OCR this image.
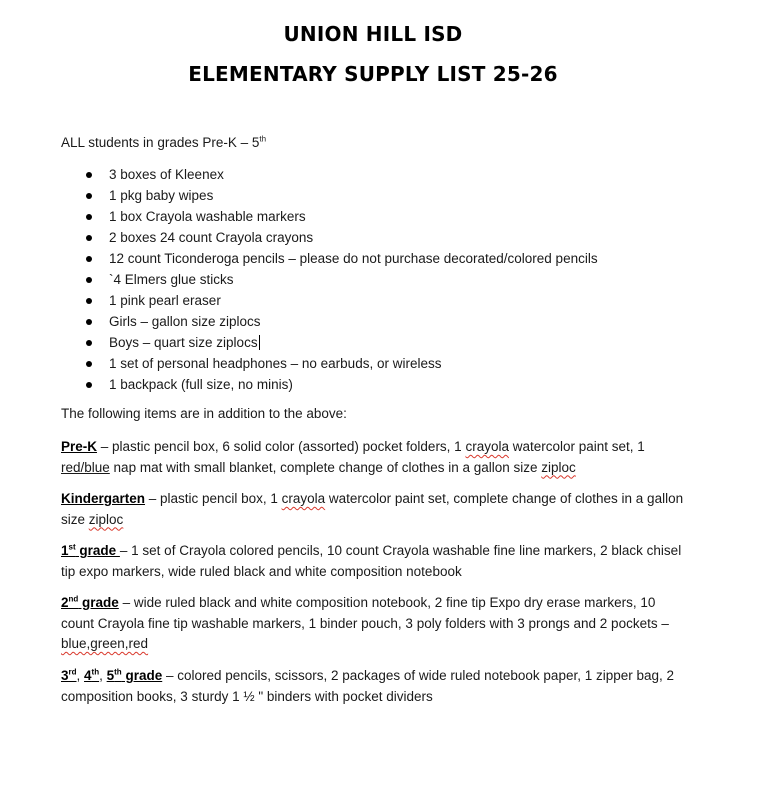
UNION HILL ISD
ELEMENTARY SUPPLY LIST 25-26
ALL students in grades Pre-K – 5th
3 boxes of Kleenex
1 pkg baby wipes
1 box Crayola washable markers
2 boxes 24 count Crayola crayons
12 count Ticonderoga pencils – please do not purchase decorated/colored pencils
`4 Elmers glue sticks
1 pink pearl eraser
Girls – gallon size ziplocs
Boys – quart size ziplocs
1 set of personal headphones – no earbuds, or wireless
1 backpack (full size, no minis)
The following items are in addition to the above:
Pre-K – plastic pencil box, 6 solid color (assorted) pocket folders, 1 crayola watercolor paint set, 1 red/blue nap mat with small blanket, complete change of clothes in a gallon size ziploc
Kindergarten – plastic pencil box, 1 crayola watercolor paint set, complete change of clothes in a gallon size ziploc
1st grade – 1 set of Crayola colored pencils, 10 count Crayola washable fine line markers, 2 black chisel tip expo markers, wide ruled black and white composition notebook
2nd grade – wide ruled black and white composition notebook, 2 fine tip Expo dry erase markers, 10 count Crayola fine tip washable markers, 1 binder pouch, 3 poly folders with 3 prongs and 2 pockets – blue,green,red
3rd, 4th, 5th grade – colored pencils, scissors, 2 packages of wide ruled notebook paper, 1 zipper bag, 2 composition books, 3 sturdy 1 ½ " binders with pocket dividers
